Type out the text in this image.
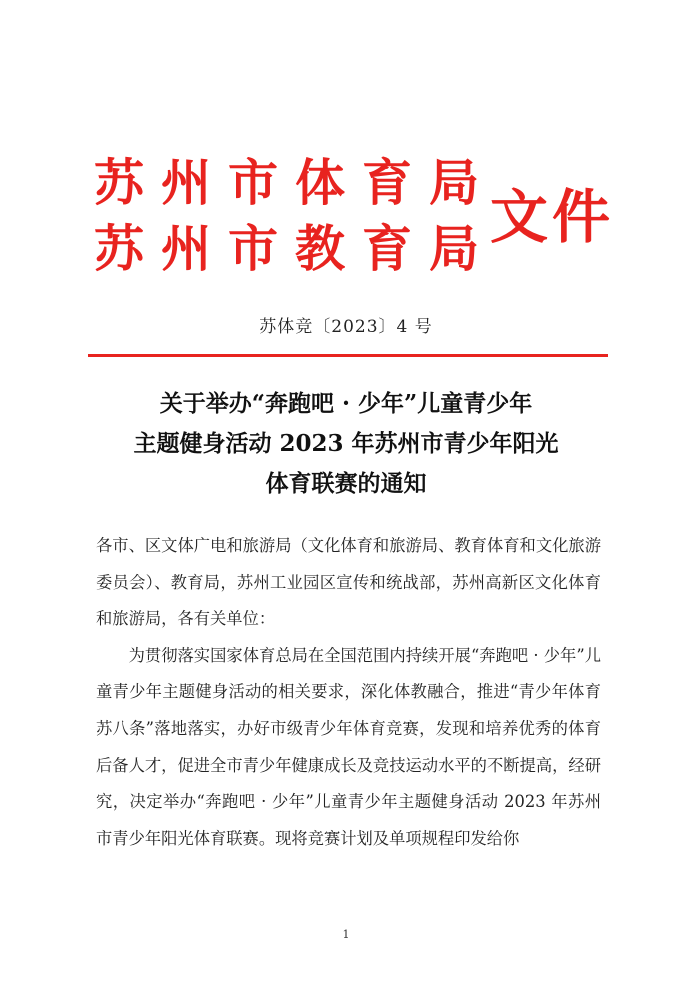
苏州市体育局
苏州市教育局
文件
苏体竞〔2023〕4 号
关于举办“奔跑吧 · 少年”儿童青少年
主题健身活动 2023 年苏州市青少年阳光
体育联赛的通知

各市、区文体广电和旅游局（文化体育和旅游局、教育体育和文化旅游委员会）、教育局，苏州工业园区宣传和统战部，苏州高新区文化体育和旅游局，各有关单位：

为贯彻落实国家体育总局在全国范围内持续开展“奔跑吧 · 少年”儿童青少年主题健身活动的相关要求，深化体教融合，推进“青少年体育苏八条”落地落实，办好市级青少年体育竞赛，发现和培养优秀的体育后备人才，促进全市青少年健康成长及竞技运动水平的不断提高，经研究，决定举办“奔跑吧 · 少年”儿童青少年主题健身活动 2023 年苏州市青少年阳光体育联赛。现将竞赛计划及单项规程印发给你

1
